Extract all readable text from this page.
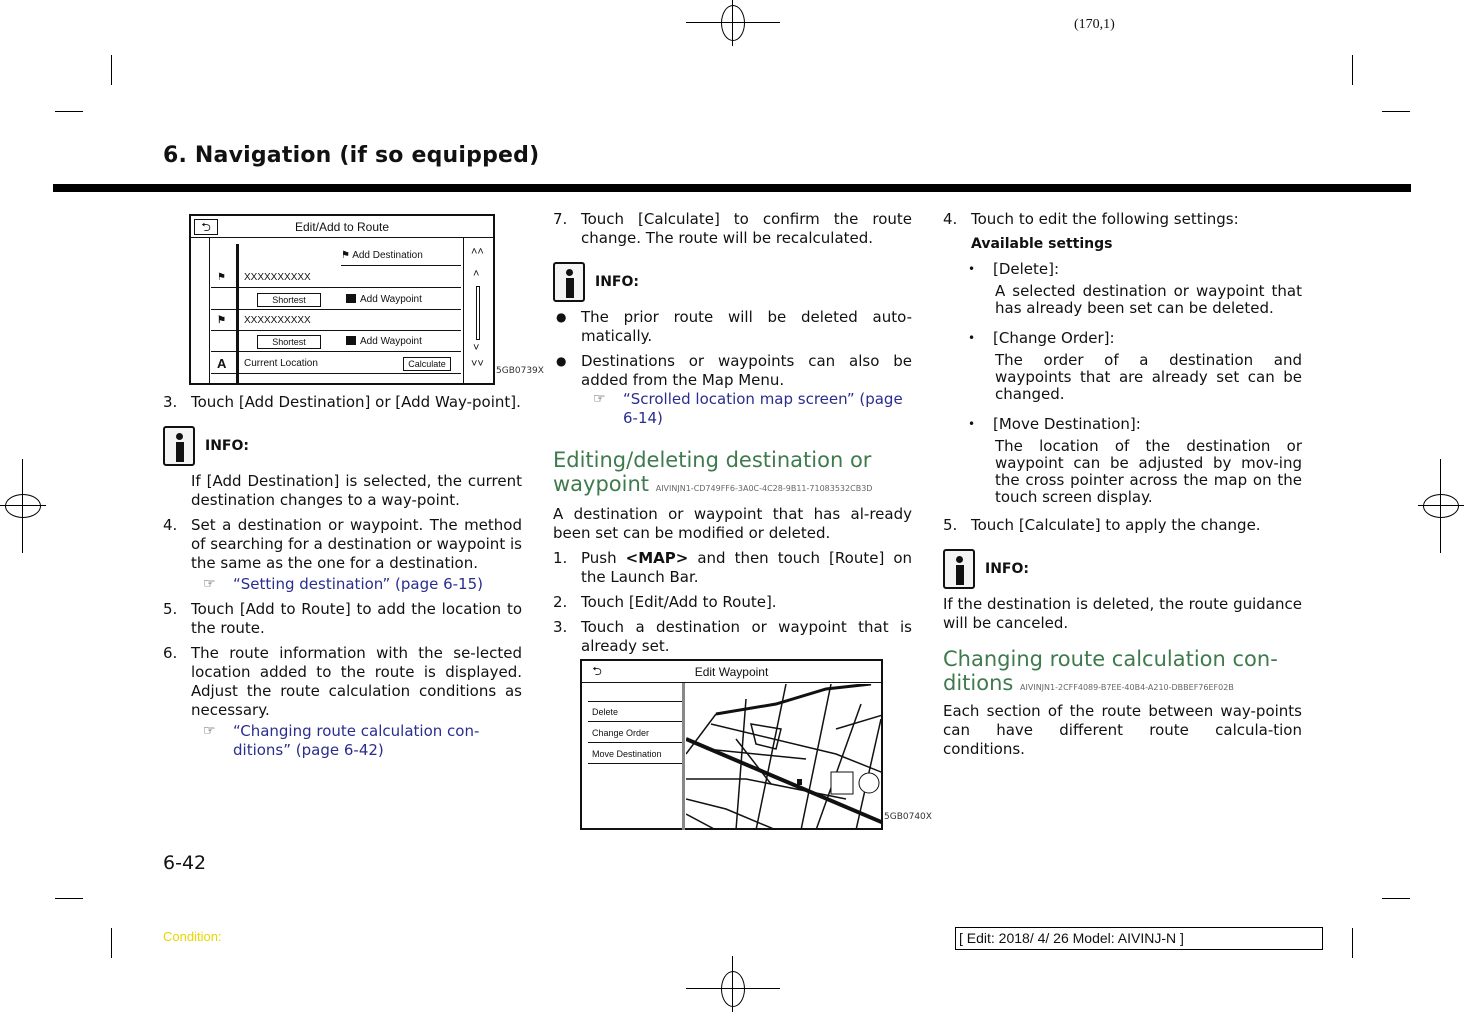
(170,1)
6. Navigation (if so equipped)
Edit/Add to Route
⮌
⚑ Add Destination
⚑ XXXXXXXXXX
Shortest	Add Waypoint
⚑ XXXXXXXXXX
Shortest	Add Waypoint
A Current Location	Calculate
˄˄
˄
˅
˅˅
5GB0739X
3. Touch [Add Destination] or [Add Way-point].
INFO:
If [Add Destination] is selected, the current destination changes to a way-point.
4. Set a destination or waypoint. The method of searching for a destination or waypoint is the same as the one for a destination.
☞	“Setting destination” (page 6-15)
5. Touch [Add to Route] to add the location to the route.
6. The route information with the se-lected location added to the route is displayed. Adjust the route calculation conditions as necessary.
☞	“Changing route calculation con-ditions” (page 6-42)
7. Touch [Calculate] to confirm the route change. The route will be recalculated.
INFO:
● The prior route will be deleted auto-matically.
● Destinations or waypoints can also be added from the Map Menu.
☞	“Scrolled location map screen” (page 6-14)
Editing/deleting destination or waypoint AIVINJN1-CD749FF6-3A0C-4C28-9B11-71083532CB3D
A destination or waypoint that has al-ready been set can be modified or deleted.
1. Push <MAP> and then touch [Route] on the Launch Bar.
2. Touch [Edit/Add to Route].
3. Touch a destination or waypoint that is already set.
Edit Waypoint
⮌
Delete
Change Order
Move Destination
5GB0740X
4. Touch to edit the following settings:
Available settings
•	[Delete]:
A selected destination or waypoint that has already been set can be deleted.
•	[Change Order]:
The order of a destination and waypoints that are already set can be changed.
•	[Move Destination]:
The location of the destination or waypoint can be adjusted by mov-ing the cross pointer across the map on the touch screen display.
5. Touch [Calculate] to apply the change.
INFO:
If the destination is deleted, the route guidance will be canceled.
Changing route calculation con-ditions AIVINJN1-2CFF4089-B7EE-40B4-A210-DBBEF76EF02B
Each section of the route between way-points can have different route calcula-tion conditions.
6-42
Condition:	[ Edit: 2018/ 4/ 26 Model: AIVINJ-N ]
